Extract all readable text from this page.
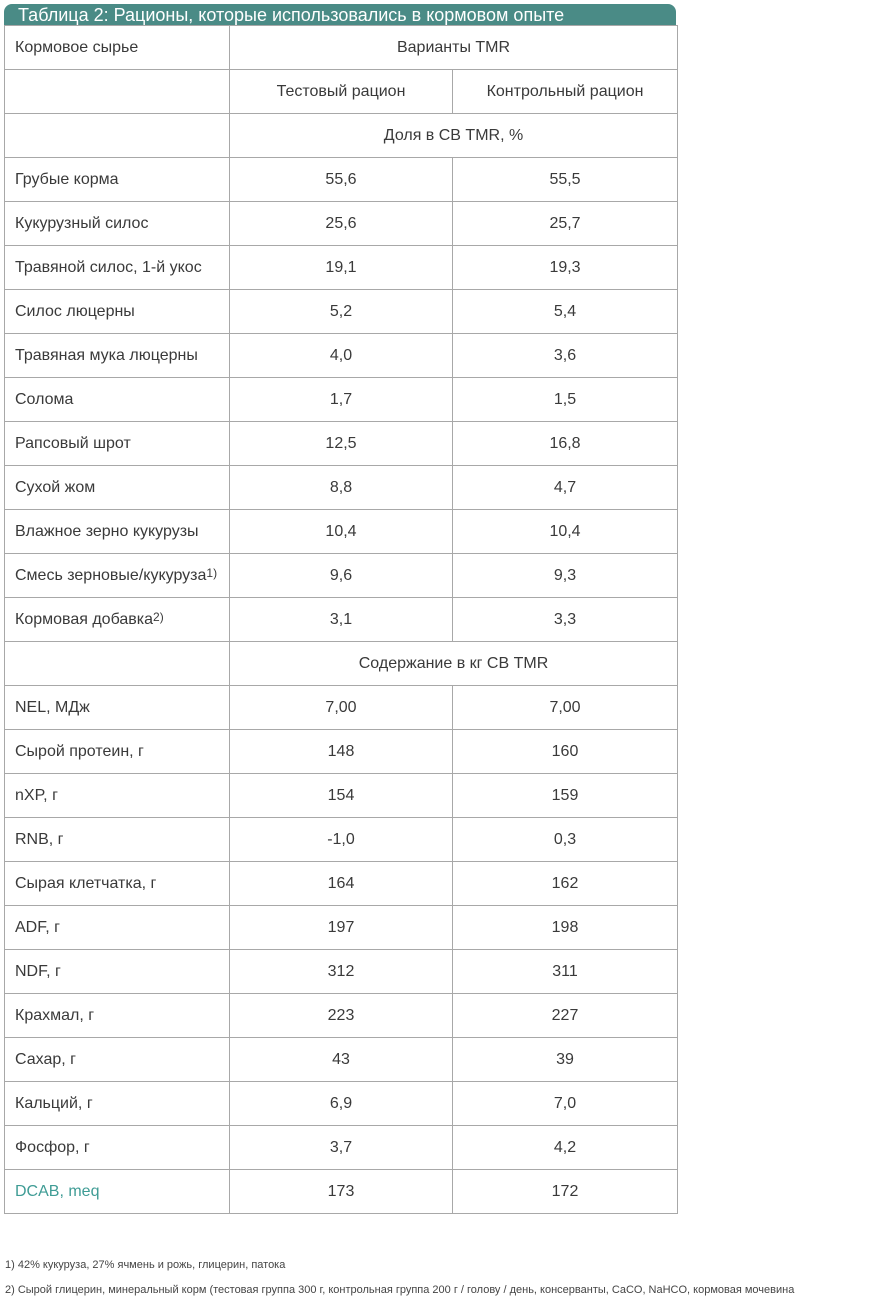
Таблица 2: Рационы, которые использовались в кормовом опыте
Кормовое сырье	Варианты TMR	
	Тестовый рацион	Контрольный рацион
	Доля в СВ TMR, %	
Грубые корма	55,6	55,5
Кукурузный силос	25,6	25,7
Травяной силос, 1-й укос	19,1	19,3
Силос люцерны	5,2	5,4
Травяная мука люцерны	4,0	3,6
Солома	1,7	1,5
Рапсовый шрот	12,5	16,8
Сухой жом	8,8	4,7
Влажное зерно кукурузы	10,4	10,4
Смесь зерновые/кукуруза1)	9,6	9,3
Кормовая добавка2)	3,1	3,3
	Содержание в кг СВ TMR	
NEL, МДж	7,00	7,00
Сырой протеин, г	148	160
nXP, г	154	159
RNB, г	-1,0	0,3
Сырая клетчатка, г	164	162
ADF, г	197	198
NDF, г	312	311
Крахмал, г	223	227
Сахар, г	43	39
Кальций, г	6,9	7,0
Фосфор, г	3,7	4,2
DCAB, meq	173	172
1) 42% кукуруза, 27% ячмень и рожь, глицерин, патока
2) Сырой глицерин, минеральный корм (тестовая группа 300 г, контрольная группа 200 г / голову / день, консерванты, CaCO, NaHCO, кормовая мочевина
